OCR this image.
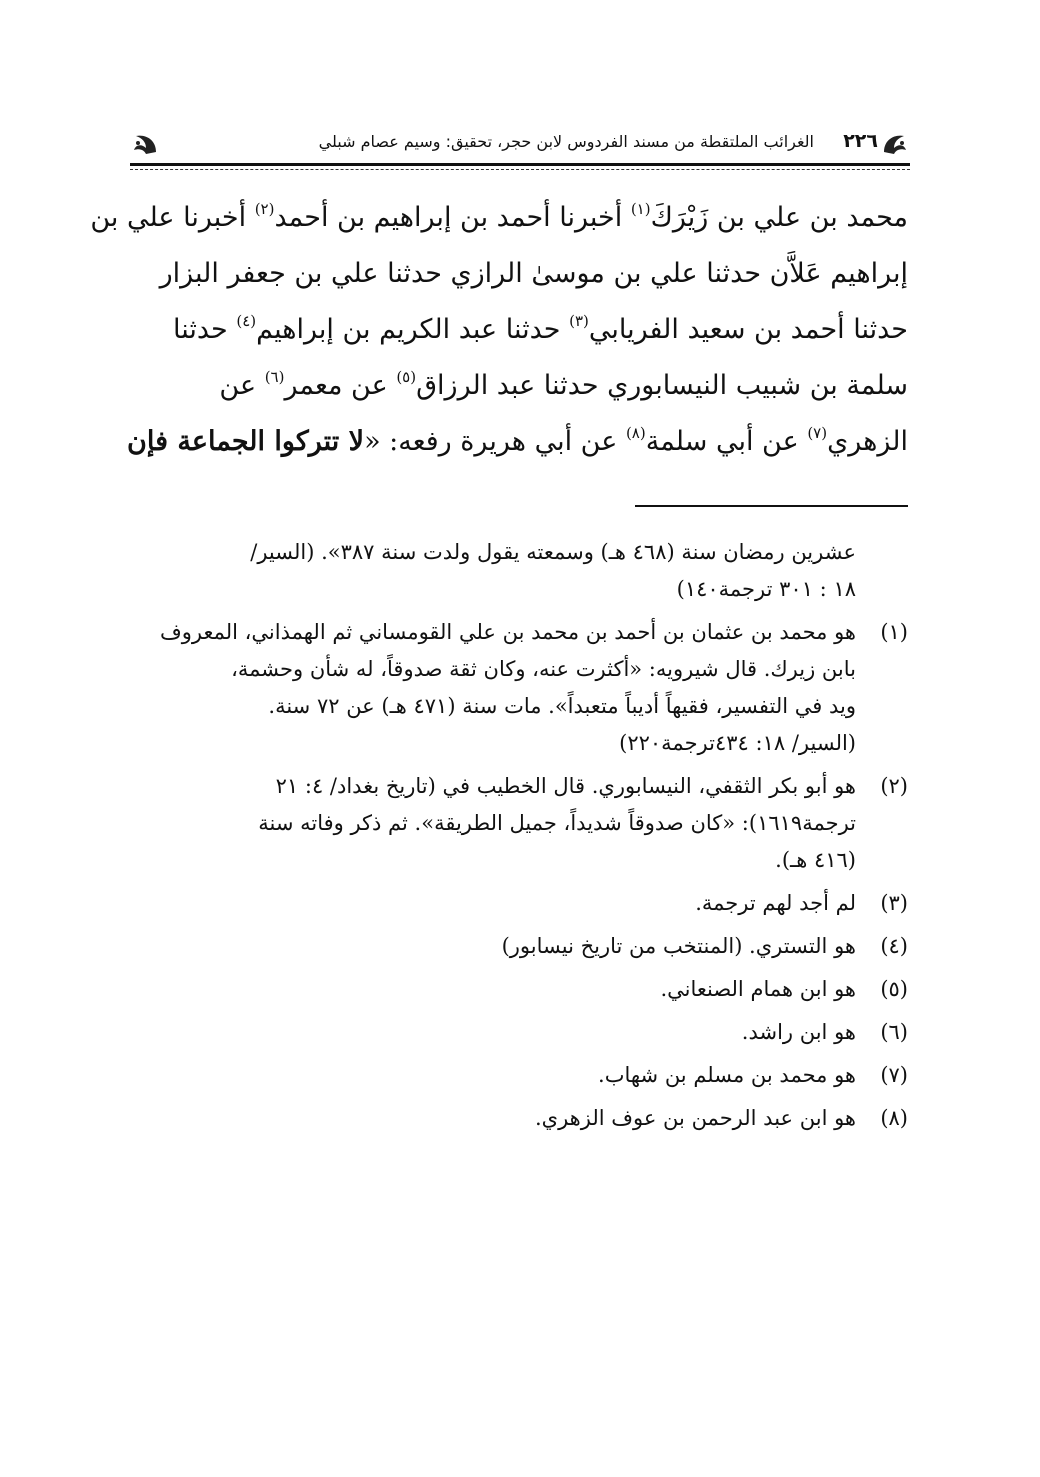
٢٢٦
الغرائب الملتقطة من مسند الفردوس لابن حجر، تحقيق: وسيم عصام شبلي
محمد بن علي بن زَيْرَكَ$^{(١)}$ أخبرنا أحمد بن إبراهيم بن أحمد$^{(٢)}$ أخبرنا علي بن
إبراهيم عَلاَّن حدثنا علي بن موسىٰ الرازي حدثنا علي بن جعفر البزار
حدثنا أحمد بن سعيد الفريابي$^{(٣)}$ حدثنا عبد الكريم بن إبراهيم$^{(٤)}$ حدثنا
سلمة بن شبيب النيسابوري حدثنا عبد الرزاق$^{(٥)}$ عن معمر$^{(٦)}$ عن
الزهري$^{(٧)}$ عن أبي سلمة$^{(٨)}$ عن أبي هريرة رفعه: «لا تتركوا الجماعة فإن
عشرين رمضان سنة (٤٦٨ هـ) وسمعته يقول ولدت سنة ٣٨٧». (السير/
١٨ : ٣٠١ ترجمة١٤٠)
(١)
هو محمد بن عثمان بن أحمد بن محمد بن علي القومساني ثم الهمذاني، المعروف
بابن زيرك. قال شيرويه: «أكثرت عنه، وكان ثقة صدوقاً، له شأن وحشمة،
ويد في التفسير، فقيهاً أديباً متعبداً». مات سنة (٤٧١ هـ) عن ٧٢ سنة.
(السير/ ١٨: ٤٣٤ترجمة٢٢٠)
(٢)
هو أبو بكر الثقفي، النيسابوري. قال الخطيب في (تاريخ بغداد/ ٤: ٢١
ترجمة١٦١٩): «كان صدوقاً شديداً، جميل الطريقة». ثم ذكر وفاته سنة
(٤١٦ هـ).
(٣)
لم أجد لهم ترجمة.
(٤)
هو التستري. (المنتخب من تاريخ نيسابور)
(٥)
هو ابن همام الصنعاني.
(٦)
هو ابن راشد.
(٧)
هو محمد بن مسلم بن شهاب.
(٨)
هو ابن عبد الرحمن بن عوف الزهري.
